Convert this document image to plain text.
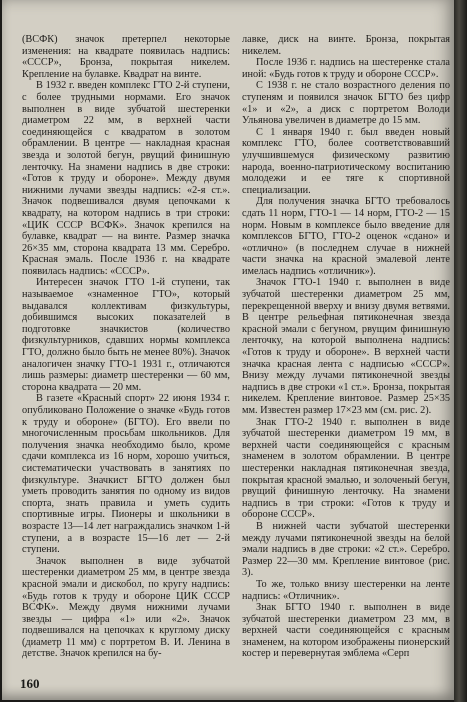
(ВСФК) значок претерпел некоторые изменения: на квадрате появилась надпись: «СССР», Бронза, покрытая никелем. Крепление на булавке. Квадрат на винте.

В 1932 г. введен комплекс ГТО 2-й ступени, с более трудными нормами. Его значок выполнен в виде зубчатой шестеренки диаметром 22 мм, в верхней части соединяющейся с квадратом в золотом обрамлении. В центре — накладная красная звезда и золотой бегун, рвущий финишную ленточку. На знамени надпись в две строки: «Готов к труду и обороне». Между двумя нижними лучами звезды надпись: «2-я ст.». Значок подвешивался двумя цепочками к квадрату, на котором надпись в три строки: «ЦИК СССР ВСФК». Значок крепился на булавке, квадрат — на винте. Размер значка 26×35 мм, сторона квадрата 13 мм. Серебро. Красная эмаль. После 1936 г. на квадрате появилась надпись: «СССР».

Интересен значок ГТО 1-й ступени, так называемое «знаменное ГТО», который выдавался коллективам физкультуры, добившимся высоких показателей в подготовке значкистов (количество физкультурников, сдавших нормы комплекса ГТО, должно было быть не менее 80%). Значок аналогичен значку ГТО-1 1931 г., отличаются лишь размеры: диаметр шестеренки — 60 мм, сторона квадрата — 20 мм.

В газете «Красный спорт» 22 июня 1934 г. опубликовано Положение о значке «Будь готов к труду и обороне» (БГТО). Его ввели по многочисленным просьбам школьников. Для получения значка необходимо было, кроме сдачи комплекса из 16 норм, хорошо учиться, систематически участвовать в занятиях по физкультуре. Значкист БГТО должен был уметь проводить занятия по одному из видов спорта, знать правила и уметь судить спортивные игры. Пионеры и школьники в возрасте 13—14 лет награждались значком 1-й ступени, а в возрасте 15—16 лет — 2-й ступени.

Значок выполнен в виде зубчатой шестеренки диаметром 25 мм, в центре звезда красной эмали и дискобол, по кругу надпись: «Будь готов к труду и обороне ЦИК СССР ВСФК». Между двумя нижними лучами звезды — цифра «1» или «2». Значок подвешивался на цепочках к круглому диску (диаметр 11 мм) с портретом В. И. Ленина в детстве. Значок крепился на бу-

лавке, диск на винте. Бронза, покрытая никелем.

После 1936 г. надпись на шестеренке стала иной: «Будь готов к труду и обороне СССР».

С 1938 г. не стало возрастного деления по ступеням и появился значок БГТО без цифр «1» и «2», а диск с портретом Володи Ульянова увеличен в диаметре до 15 мм.

С 1 января 1940 г. был введен новый комплекс ГТО, более соответствовавший улучшившемуся физическому развитию народа, военно-патриотическому воспитанию молодежи и ее тяге к спортивной специализации.

Для получения значка БГТО требовалось сдать 11 норм, ГТО-1 — 14 норм, ГТО-2 — 15 норм. Новым в комплексе было введение для комплексов БГТО, ГТО-2 оценок «сдано» и «отлично» (в последнем случае в нижней части значка на красной эмалевой ленте имелась надпись «отличник»).

Значок ГТО-1 1940 г. выполнен в виде зубчатой шестеренки диаметром 25 мм, перекрещенной вверху и внизу двумя ветвями. В центре рельефная пятиконечная звезда красной эмали с бегуном, рвущим финишную ленточку, на которой выполнена надпись: «Готов к труду и обороне». В верхней части значка красная лента с надписью «СССР». Внизу между лучами пятиконечной звезды надпись в две строки «1 ст.». Бронза, покрытая никелем. Крепление винтовое. Размер 25×35 мм. Известен размер 17×23 мм (см. рис. 2).

Знак ГТО-2 1940 г. выполнен в виде зубчатой шестеренки диаметром 19 мм, в верхней части соединяющейся с красным знаменем в золотом обрамлении. В центре шестеренки накладная пятиконечная звезда, покрытая красной эмалью, и золоченый бегун, рвущий финишную ленточку. На знамени надпись в три строки: «Готов к труду и обороне СССР».

В нижней части зубчатой шестеренки между лучами пятиконечной звезды на белой эмали надпись в две строки: «2 ст.». Серебро. Размер 22—30 мм. Крепление винтовое (рис. 3).

То же, только внизу шестеренки на ленте надпись: «Отличник».

Знак БГТО 1940 г. выполнен в виде зубчатой шестеренки диаметром 23 мм, в верхней части соединяющейся с красным знаменем, на котором изображены пионерский костер и перевернутая эмблема «Серп

160
